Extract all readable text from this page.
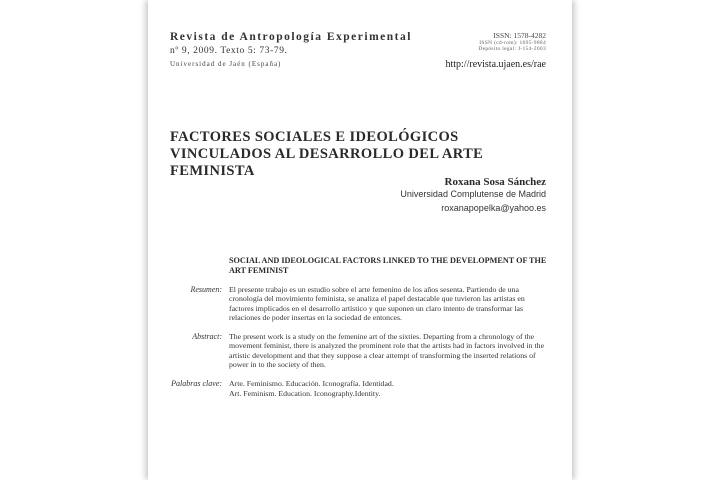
Revista de Antropología Experimental
nº 9, 2009. Texto 5: 73-79.
Universidad de Jaén (España)
ISSN: 1578-4282
ISSN (cd-rom): 1695-9884
Depósito legal: J-154-2003
http://revista.ujaen.es/rae
FACTORES SOCIALES E IDEOLÓGICOS VINCULADOS AL DESARROLLO DEL ARTE FEMINISTA
Roxana Sosa Sánchez
Universidad Complutense de Madrid
roxanapopelka@yahoo.es
SOCIAL AND IDEOLOGICAL FACTORS LINKED TO THE DEVELOPMENT OF THE ART FEMINIST
Resumen: El presente trabajo es un estudio sobre el arte femenino de los años sesenta. Partiendo de una cronología del movimiento feminista, se analiza el papel destacable que tuvieron las artistas en factores implicados en el desarrollo artístico y que suponen un claro intento de transformar las relaciones de poder insertas en la sociedad de entonces.
Abstract: The present work is a study on the femenine art of the sixties. Departing from a chronology of the movement feminist, there is analyzed the prominent role that the artists had in factors involved in the artistic development and that they suppose a clear attempt of transforming the inserted relations of power in to the society of then.
Palabras clave: Arte. Feminismo. Educación. Iconografía. Identidad.
Art. Feminism. Education. Iconography.Identity.
